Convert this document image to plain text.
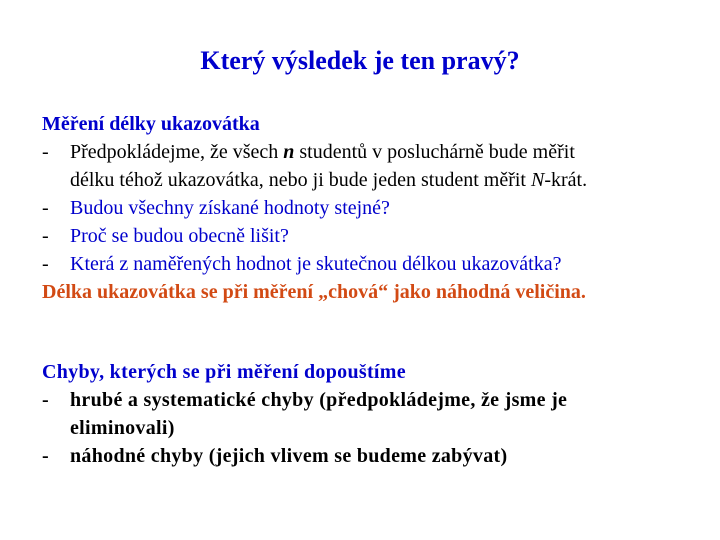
Který výsledek je ten pravý?
Měření délky ukazovátka
-	Předpokládejme, že všech n studentů v posluchárně bude měřit
délku téhož ukazovátka, nebo ji bude jeden student měřit N-krát.
-	Budou všechny získané hodnoty stejné?
-	Proč se budou obecně lišit?
-	Která z naměřených hodnot je skutečnou délkou ukazovátka?
Délka ukazovátka se při měření „chová“ jako náhodná veličina.
Chyby, kterých se při měření dopouštíme
-	hrubé a systematické chyby (předpokládejme, že jsme je
eliminovali)
-	náhodné chyby (jejich vlivem se budeme zabývat)
